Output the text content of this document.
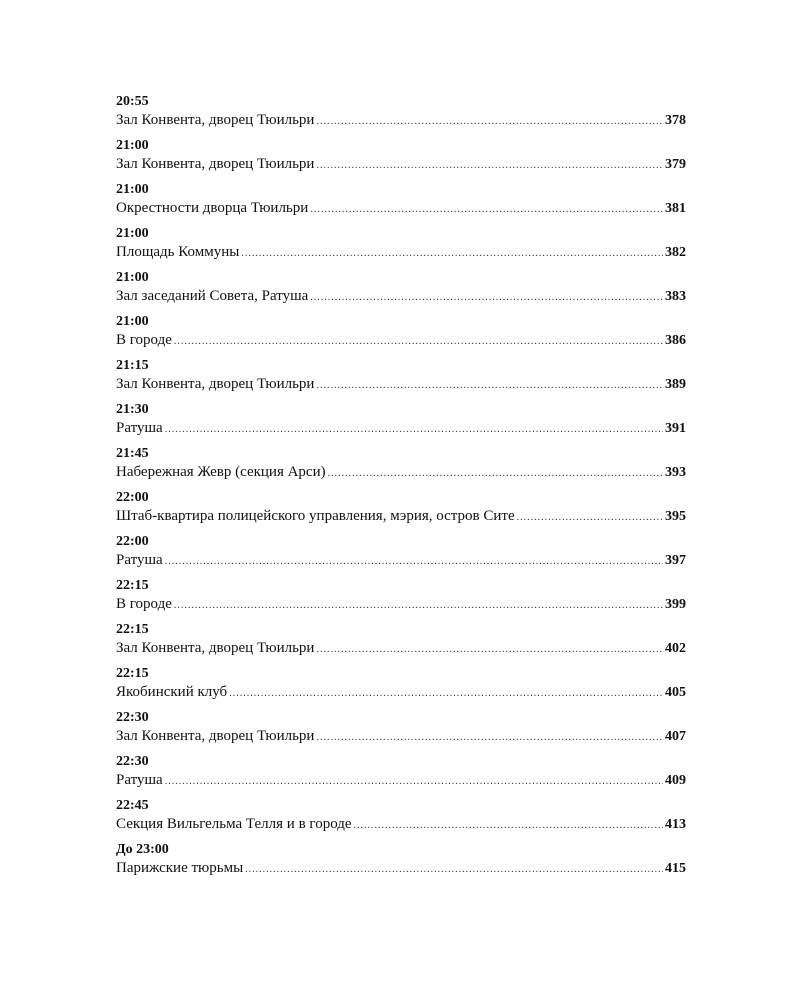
20:55
Зал Конвента, дворец Тюильри .....	378
21:00
Зал Конвента, дворец Тюильри .....	379
21:00
Окрестности дворца Тюильри .....	381
21:00
Площадь Коммуны .....	382
21:00
Зал заседаний Совета, Ратуша .....	383
21:00
В городе .....	386
21:15
Зал Конвента, дворец Тюильри .....	389
21:30
Ратуша .....	391
21:45
Набережная Жевр (секция Арси) .....	393
22:00
Штаб-квартира полицейского управления, мэрия, остров Сите .....	395
22:00
Ратуша .....	397
22:15
В городе .....	399
22:15
Зал Конвента, дворец Тюильри .....	402
22:15
Якобинский клуб .....	405
22:30
Зал Конвента, дворец Тюильри .....	407
22:30
Ратуша .....	409
22:45
Секция Вильгельма Телля и в городе .....	413
До 23:00
Парижские тюрьмы .....	415
